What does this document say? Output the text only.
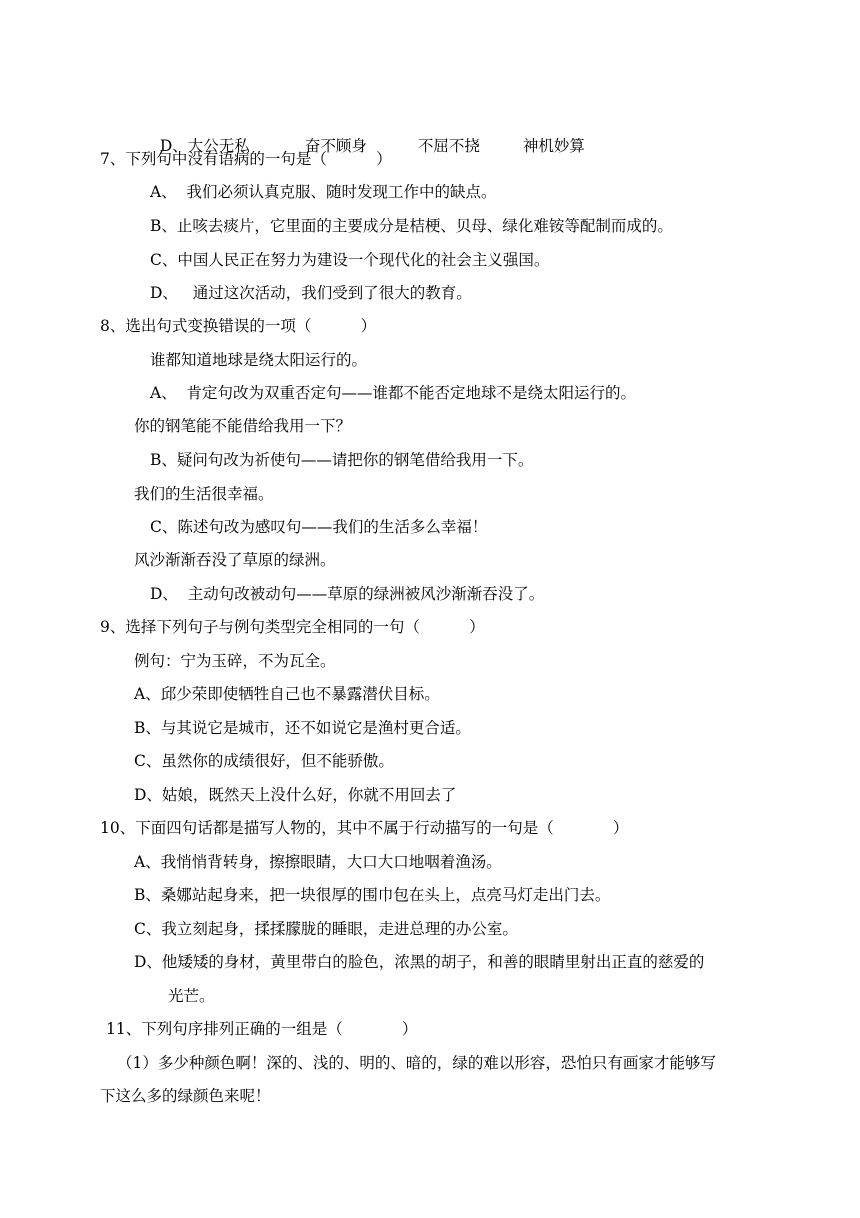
D、大公无私	奋不顾身	不屈不挠	神机妙算

7、下列句中没有语病的一句是（          ）
A、  我们必须认真克服、随时发现工作中的缺点。
B、止咳去痰片，它里面的主要成分是桔梗、贝母、绿化难铵等配制而成的。
C、中国人民正在努力为建设一个现代化的社会主义强国。
D、   通过这次活动，我们受到了很大的教育。
8、选出句式变换错误的一项（          ）
谁都知道地球是绕太阳运行的。
A、  肯定句改为双重否定句——谁都不能否定地球不是绕太阳运行的。
你的钢笔能不能借给我用一下？
B、疑问句改为祈使句——请把你的钢笔借给我用一下。
我们的生活很幸福。
C、陈述句改为感叹句——我们的生活多么幸福！
风沙渐渐吞没了草原的绿洲。
D、  主动句改被动句——草原的绿洲被风沙渐渐吞没了。
9、选择下列句子与例句类型完全相同的一句（          ）
例句：宁为玉碎，不为瓦全。
A、邱少荣即使牺牲自己也不暴露潜伏目标。
B、与其说它是城市，还不如说它是渔村更合适。
C、虽然你的成绩很好，但不能骄傲。
D、姑娘，既然天上没什么好，你就不用回去了
10、下面四句话都是描写人物的，其中不属于行动描写的一句是（            ）
A、我悄悄背转身，擦擦眼睛，大口大口地咽着渔汤。
B、桑娜站起身来，把一块很厚的围巾包在头上，点亮马灯走出门去。
C、我立刻起身，揉揉朦胧的睡眼，走进总理的办公室。
D、他矮矮的身材，黄里带白的脸色，浓黑的胡子，和善的眼睛里射出正直的慈爱的
光芒。
11、下列句序排列正确的一组是（            ）
（1）多少种颜色啊！深的、浅的、明的、暗的，绿的难以形容，恐怕只有画家才能够写
下这么多的绿颜色来呢！
